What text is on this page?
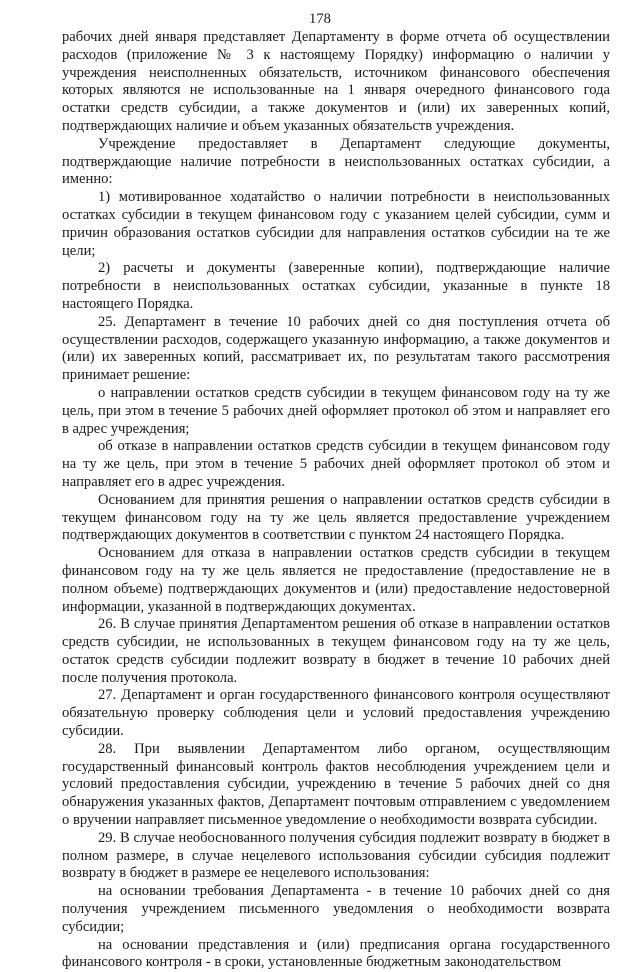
178

рабочих дней января представляет Департаменту в форме отчета об осуществлении расходов (приложение № 3 к настоящему Порядку) информацию о наличии у учреждения неисполненных обязательств, источником финансового обеспечения которых являются не использованные на 1 января очередного финансового года остатки средств субсидии, а также документов и (или) их заверенных копий, подтверждающих наличие и объем указанных обязательств учреждения.

Учреждение предоставляет в Департамент следующие документы, подтверждающие наличие потребности в неиспользованных остатках субсидии, а именно:

1) мотивированное ходатайство о наличии потребности в неиспользованных остатках субсидии в текущем финансовом году с указанием целей субсидии, сумм и причин образования остатков субсидии для направления остатков субсидии на те же цели;

2) расчеты и документы (заверенные копии), подтверждающие наличие потребности в неиспользованных остатках субсидии, указанные в пункте 18 настоящего Порядка.

25. Департамент в течение 10 рабочих дней со дня поступления отчета об осуществлении расходов, содержащего указанную информацию, а также документов и (или) их заверенных копий, рассматривает их, по результатам такого рассмотрения принимает решение:

о направлении остатков средств субсидии в текущем финансовом году на ту же цель, при этом в течение 5 рабочих дней оформляет протокол об этом и направляет его в адрес учреждения;

об отказе в направлении остатков средств субсидии в текущем финансовом году на ту же цель, при этом в течение 5 рабочих дней оформляет протокол об этом и направляет его в адрес учреждения.

Основанием для принятия решения о направлении остатков средств субсидии в текущем финансовом году на ту же цель является предоставление учреждением подтверждающих документов в соответствии с пунктом 24 настоящего Порядка.

Основанием для отказа в направлении остатков средств субсидии в текущем финансовом году на ту же цель является не предоставление (предоставление не в полном объеме) подтверждающих документов и (или) предоставление недостоверной информации, указанной в подтверждающих документах.

26. В случае принятия Департаментом решения об отказе в направлении остатков средств субсидии, не использованных в текущем финансовом году на ту же цель, остаток средств субсидии подлежит возврату в бюджет в течение 10 рабочих дней после получения протокола.

27. Департамент и орган государственного финансового контроля осуществляют обязательную проверку соблюдения цели и условий предоставления учреждению субсидии.

28. При выявлении Департаментом либо органом, осуществляющим государственный финансовый контроль фактов несоблюдения учреждением цели и условий предоставления субсидии, учреждению в течение 5 рабочих дней со дня обнаружения указанных фактов, Департамент почтовым отправлением с уведомлением о вручении направляет письменное уведомление о необходимости возврата субсидии.

29. В случае необоснованного получения субсидия подлежит возврату в бюджет в полном размере, в случае нецелевого использования субсидии субсидия подлежит возврату в бюджет в размере ее нецелевого использования:

на основании требования Департамента - в течение 10 рабочих дней со дня получения учреждением письменного уведомления о необходимости возврата субсидии;

на основании представления и (или) предписания органа государственного финансового контроля - в сроки, установленные бюджетным законодательством
